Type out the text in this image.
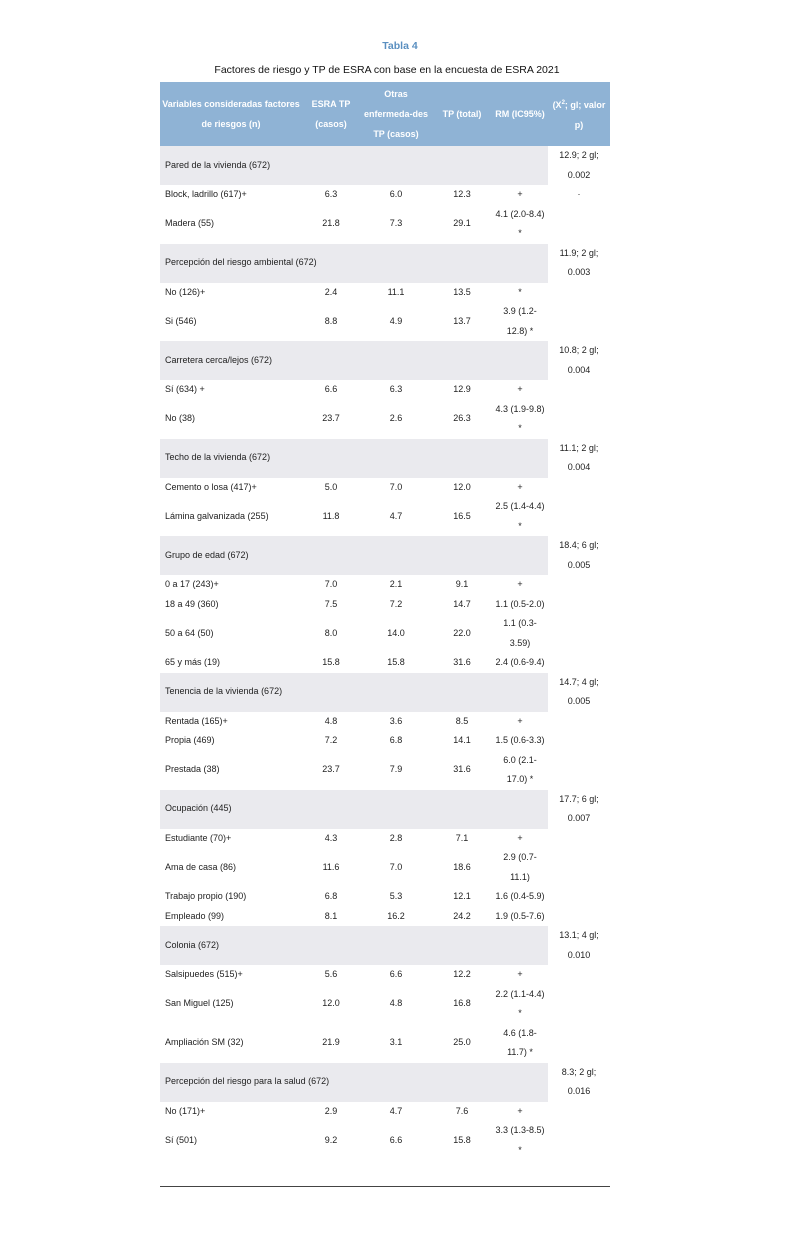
Tabla 4
Factores de riesgo y TP de ESRA con base en la encuesta de ESRA 2021
Variables consideradas factores de riesgos (n)	ESRA TP (casos)	Otras enfermeda-des TP (casos)	TP (total)	RM (IC95%)	($X^2$; gl; valor p)
Pared de la vivienda (672)					12.9; 2 gl; 0.002
Block, ladrillo (617)+	6.3	6.0	12.3	+	·
Madera (55)	21.8	7.3	29.1	4.1 (2.0-8.4) *	
Percepción del riesgo ambiental (672)					11.9; 2 gl; 0.003
No (126)+	2.4	11.1	13.5	*	
Si (546)	8.8	4.9	13.7	3.9 (1.2-12.8) *	
Carretera cerca/lejos (672)					10.8; 2 gl; 0.004
Sí (634) +	6.6	6.3	12.9	+	
No (38)	23.7	2.6	26.3	4.3 (1.9-9.8) *	
Techo de la vivienda (672)					11.1; 2 gl; 0.004
Cemento o losa (417)+	5.0	7.0	12.0	+	
Lámina galvanizada (255)	11.8	4.7	16.5	2.5 (1.4-4.4) *	
Grupo de edad (672)					18.4; 6 gl; 0.005
0 a 17 (243)+	7.0	2.1	9.1	+	
18 a 49 (360)	7.5	7.2	14.7	1.1 (0.5-2.0)	
50 a 64 (50)	8.0	14.0	22.0	1.1 (0.3-3.59)	
65 y más (19)	15.8	15.8	31.6	2.4 (0.6-9.4)	
Tenencia de la vivienda (672)					14.7; 4 gl; 0.005
Rentada (165)+	4.8	3.6	8.5	+	
Propia (469)	7.2	6.8	14.1	1.5 (0.6-3.3)	
Prestada (38)	23.7	7.9	31.6	6.0 (2.1-17.0) *	
Ocupación (445)					17.7; 6 gl; 0.007
Estudiante (70)+	4.3	2.8	7.1	+	
Ama de casa (86)	11.6	7.0	18.6	2.9 (0.7-11.1)	
Trabajo propio (190)	6.8	5.3	12.1	1.6 (0.4-5.9)	
Empleado (99)	8.1	16.2	24.2	1.9 (0.5-7.6)	
Colonia (672)					13.1; 4 gl; 0.010
Salsipuedes (515)+	5.6	6.6	12.2	+	
San Miguel (125)	12.0	4.8	16.8	2.2 (1.1-4.4) *	
Ampliación SM (32)	21.9	3.1	25.0	4.6 (1.8-11.7) *	
Percepción del riesgo para la salud (672)					8.3; 2 gl; 0.016
No (171)+	2.9	4.7	7.6	+	
Sí (501)	9.2	6.6	15.8	3.3 (1.3-8.5) *	
